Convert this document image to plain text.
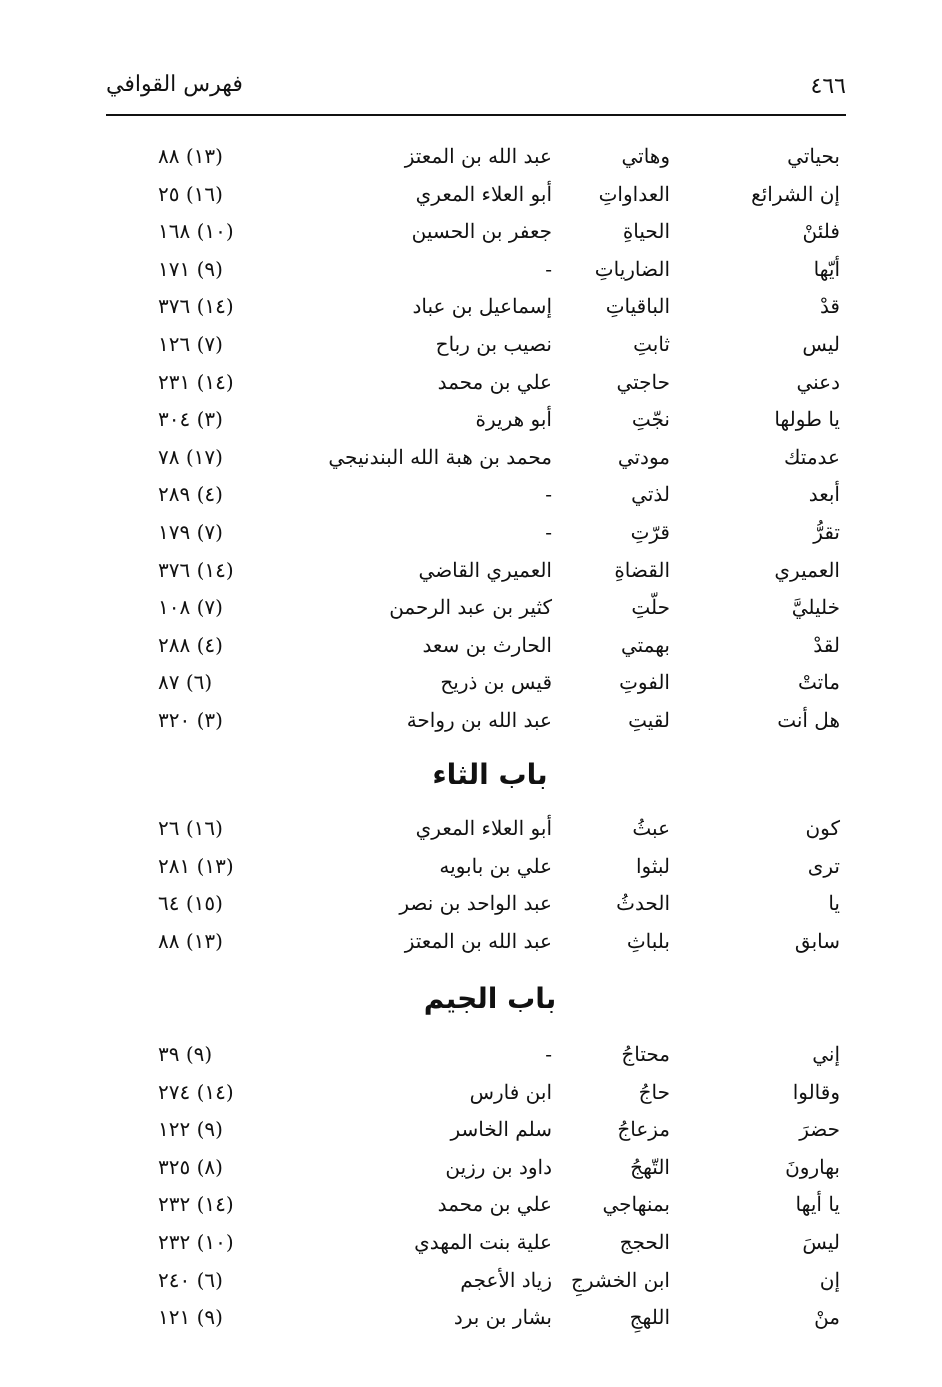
٤٦٦
فهرس القوافي
بحياتي
وهاتي
عبد الله بن المعتز
(١٣) ٨٨
إن الشرائع
العداواتِ
أبو العلاء المعري
(١٦) ٢٥
فلئنْ
الحياةِ
جعفر بن الحسين
(١٠) ١٦٨
أيّها
الضارياتِ
-
(٩) ١٧١
قدْ
الباقياتِ
إسماعيل بن عباد
(١٤) ٣٧٦
ليس
ثابتِ
نصيب بن رباح
(٧) ١٢٦
دعني
حاجتي
علي بن محمد
(١٤) ٢٣١
يا طولها
نجّتِ
أبو هريرة
(٣) ٣٠٤
عدمتك
مودتي
محمد بن هبة الله البندنيجي
(١٧) ٧٨
أبعد
لذتي
-
(٤) ٢٨٩
تقرُّ
قرّتِ
-
(٧) ١٧٩
العميري
القضاةِ
العميري القاضي
(١٤) ٣٧٦
خليليَّ
حلّتِ
كثير بن عبد الرحمن
(٧) ١٠٨
لقدْ
بهمتي
الحارث بن سعد
(٤) ٢٨٨
ماتتْ
الفوتِ
قيس بن ذريح
(٦) ٨٧
هل أنت
لقيتِ
عبد الله بن رواحة
(٣) ٣٢٠
باب الثاء
كون
عبثُ
أبو العلاء المعري
(١٦) ٢٦
ترى
لبثوا
علي بن بابويه
(١٣) ٢٨١
يا
الحدثُ
عبد الواحد بن نصر
(١٥) ٦٤
سابق
بلباثِ
عبد الله بن المعتز
(١٣) ٨٨
باب الجيم
إني
محتاجُ
-
(٩) ٣٩
وقالوا
حاجُ
ابن فارس
(١٤) ٢٧٤
حضرَ
مزعاجُ
سلم الخاسر
(٩) ١٢٢
بهارونَ
التّهجُ
داود بن رزين
(٨) ٣٢٥
يا أيها
بمنهاجي
علي بن محمد
(١٤) ٢٣٢
ليسَ
الحجج
علية بنت المهدي
(١٠) ٢٣٢
إن
ابن الخشرجِ
زياد الأعجم
(٦) ٢٤٠
منْ
اللهجِ
بشار بن برد
(٩) ١٢١
